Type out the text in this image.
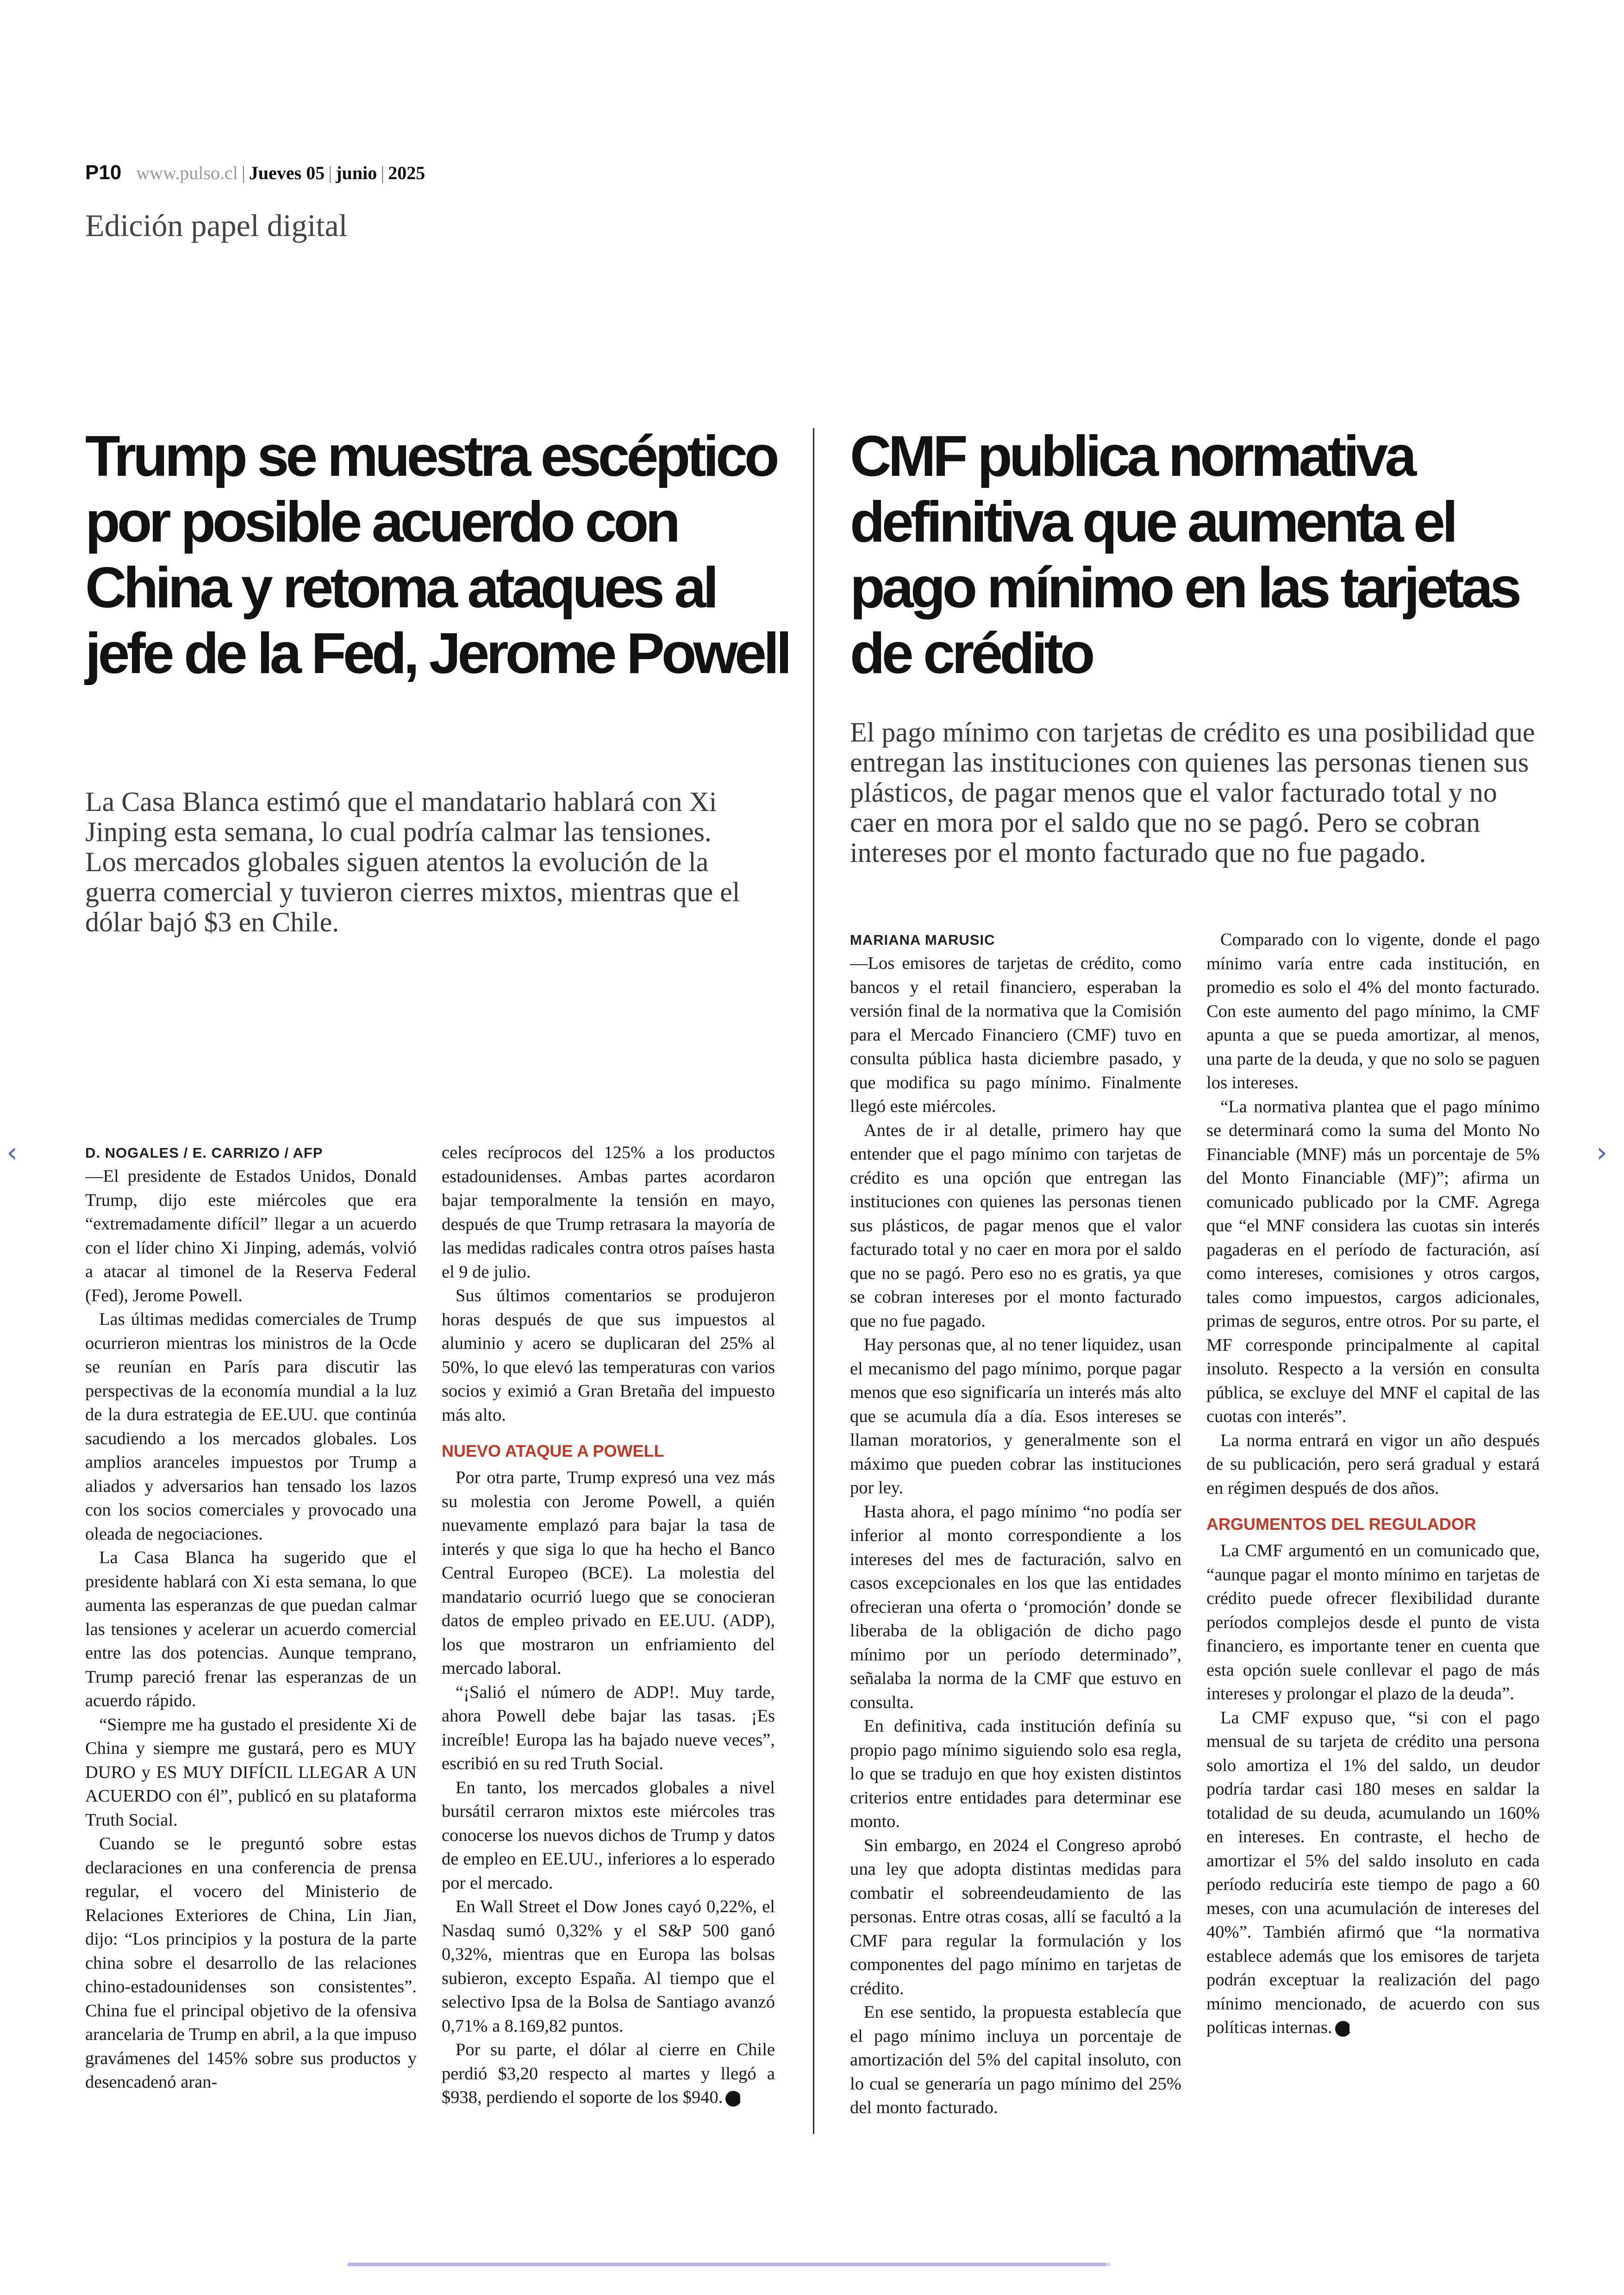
P10 www.pulso.cl | Jueves 05 | junio | 2025
Edición papel digital
Trump se muestra escéptico por posible acuerdo con China y retoma ataques al jefe de la Fed, Jerome Powell

La Casa Blanca estimó que el mandatario hablará con Xi Jinping esta semana, lo cual podría calmar las tensiones. Los mercados globales siguen atentos la evolución de la guerra comercial y tuvieron cierres mixtos, mientras que el dólar bajó $3 en Chile.

CMF publica normativa definitiva que aumenta el pago mínimo en las tarjetas de crédito

El pago mínimo con tarjetas de crédito es una posibilidad que entregan las instituciones con quienes las personas tienen sus plásticos, de pagar menos que el valor facturado total y no caer en mora por el saldo que no se pagó. Pero se cobran intereses por el monto facturado que no fue pagado.

D. NOGALES / E. CARRIZO / AFP

—El presidente de Estados Unidos, Donald Trump, dijo este miércoles que era “extremadamente difícil” llegar a un acuerdo con el líder chino Xi Jinping, además, volvió a atacar al timonel de la Reserva Federal (Fed), Jerome Powell.

Las últimas medidas comerciales de Trump ocurrieron mientras los ministros de la Ocde se reunían en París para discutir las perspectivas de la economía mundial a la luz de la dura estrategia de EE.UU. que continúa sacudiendo a los mercados globales. Los amplios aranceles impuestos por Trump a aliados y adversarios han tensado los lazos con los socios comerciales y provocado una oleada de negociaciones.

La Casa Blanca ha sugerido que el presidente hablará con Xi esta semana, lo que aumenta las esperanzas de que puedan calmar las tensiones y acelerar un acuerdo comercial entre las dos potencias. Aunque temprano, Trump pareció frenar las esperanzas de un acuerdo rápido.

“Siempre me ha gustado el presidente Xi de China y siempre me gustará, pero es MUY DURO y ES MUY DIFÍCIL LLEGAR A UN ACUERDO con él”, publicó en su plataforma Truth Social.

Cuando se le preguntó sobre estas declaraciones en una conferencia de prensa regular, el vocero del Ministerio de Relaciones Exteriores de China, Lin Jian, dijo: “Los principios y la postura de la parte china sobre el desarrollo de las relaciones chino-estadounidenses son consistentes”. China fue el principal objetivo de la ofensiva arancelaria de Trump en abril, a la que impuso gravámenes del 145% sobre sus productos y desencadenó aran-

celes recíprocos del 125% a los productos estadounidenses. Ambas partes acordaron bajar temporalmente la tensión en mayo, después de que Trump retrasara la mayoría de las medidas radicales contra otros países hasta el 9 de julio.

Sus últimos comentarios se produjeron horas después de que sus impuestos al aluminio y acero se duplicaran del 25% al 50%, lo que elevó las temperaturas con varios socios y eximió a Gran Bretaña del impuesto más alto.

NUEVO ATAQUE A POWELL

Por otra parte, Trump expresó una vez más su molestia con Jerome Powell, a quién nuevamente emplazó para bajar la tasa de interés y que siga lo que ha hecho el Banco Central Europeo (BCE). La molestia del mandatario ocurrió luego que se conocieran datos de empleo privado en EE.UU. (ADP), los que mostraron un enfriamiento del mercado laboral.

“¡Salió el número de ADP!. Muy tarde, ahora Powell debe bajar las tasas. ¡Es increíble! Europa las ha bajado nueve veces”, escribió en su red Truth Social.

En tanto, los mercados globales a nivel bursátil cerraron mixtos este miércoles tras conocerse los nuevos dichos de Trump y datos de empleo en EE.UU., inferiores a lo esperado por el mercado.

En Wall Street el Dow Jones cayó 0,22%, el Nasdaq sumó 0,32% y el S&P 500 ganó 0,32%, mientras que en Europa las bolsas subieron, excepto España. Al tiempo que el selectivo Ipsa de la Bolsa de Santiago avanzó 0,71% a 8.169,82 puntos.

Por su parte, el dólar al cierre en Chile perdió $3,20 respecto al martes y llegó a $938, perdiendo el soporte de los $940. P

MARIANA MARUSIC

—Los emisores de tarjetas de crédito, como bancos y el retail financiero, esperaban la versión final de la normativa que la Comisión para el Mercado Financiero (CMF) tuvo en consulta pública hasta diciembre pasado, y que modifica su pago mínimo. Finalmente llegó este miércoles.

Antes de ir al detalle, primero hay que entender que el pago mínimo con tarjetas de crédito es una opción que entregan las instituciones con quienes las personas tienen sus plásticos, de pagar menos que el valor facturado total y no caer en mora por el saldo que no se pagó. Pero eso no es gratis, ya que se cobran intereses por el monto facturado que no fue pagado.

Hay personas que, al no tener liquidez, usan el mecanismo del pago mínimo, porque pagar menos que eso significaría un interés más alto que se acumula día a día. Esos intereses se llaman moratorios, y generalmente son el máximo que pueden cobrar las instituciones por ley.

Hasta ahora, el pago mínimo “no podía ser inferior al monto correspondiente a los intereses del mes de facturación, salvo en casos excepcionales en los que las entidades ofrecieran una oferta o ‘promoción’ donde se liberaba de la obligación de dicho pago mínimo por un período determinado”, señalaba la norma de la CMF que estuvo en consulta.

En definitiva, cada institución definía su propio pago mínimo siguiendo solo esa regla, lo que se tradujo en que hoy existen distintos criterios entre entidades para determinar ese monto.

Sin embargo, en 2024 el Congreso aprobó una ley que adopta distintas medidas para combatir el sobreendeudamiento de las personas. Entre otras cosas, allí se facultó a la CMF para regular la formulación y los componentes del pago mínimo en tarjetas de crédito.

En ese sentido, la propuesta establecía que el pago mínimo incluya un porcentaje de amortización del 5% del capital insoluto, con lo cual se generaría un pago mínimo del 25% del monto facturado.

Comparado con lo vigente, donde el pago mínimo varía entre cada institución, en promedio es solo el 4% del monto facturado. Con este aumento del pago mínimo, la CMF apunta a que se pueda amortizar, al menos, una parte de la deuda, y que no solo se paguen los intereses.

“La normativa plantea que el pago mínimo se determinará como la suma del Monto No Financiable (MNF) más un porcentaje de 5% del Monto Financiable (MF)”; afirma un comunicado publicado por la CMF. Agrega que “el MNF considera las cuotas sin interés pagaderas en el período de facturación, así como intereses, comisiones y otros cargos, tales como impuestos, cargos adicionales, primas de seguros, entre otros. Por su parte, el MF corresponde principalmente al capital insoluto. Respecto a la versión en consulta pública, se excluye del MNF el capital de las cuotas con interés”.

La norma entrará en vigor un año después de su publicación, pero será gradual y estará en régimen después de dos años.

ARGUMENTOS DEL REGULADOR

La CMF argumentó en un comunicado que, “aunque pagar el monto mínimo en tarjetas de crédito puede ofrecer flexibilidad durante períodos complejos desde el punto de vista financiero, es importante tener en cuenta que esta opción suele conllevar el pago de más intereses y prolongar el plazo de la deuda”.

La CMF expuso que, “si con el pago mensual de su tarjeta de crédito una persona solo amortiza el 1% del saldo, un deudor podría tardar casi 180 meses en saldar la totalidad de su deuda, acumulando un 160% en intereses. En contraste, el hecho de amortizar el 5% del saldo insoluto en cada período reduciría este tiempo de pago a 60 meses, con una acumulación de intereses del 40%”. También afirmó que “la normativa establece además que los emisores de tarjeta podrán exceptuar la realización del pago mínimo mencionado, de acuerdo con sus políticas internas. P

‹	›
